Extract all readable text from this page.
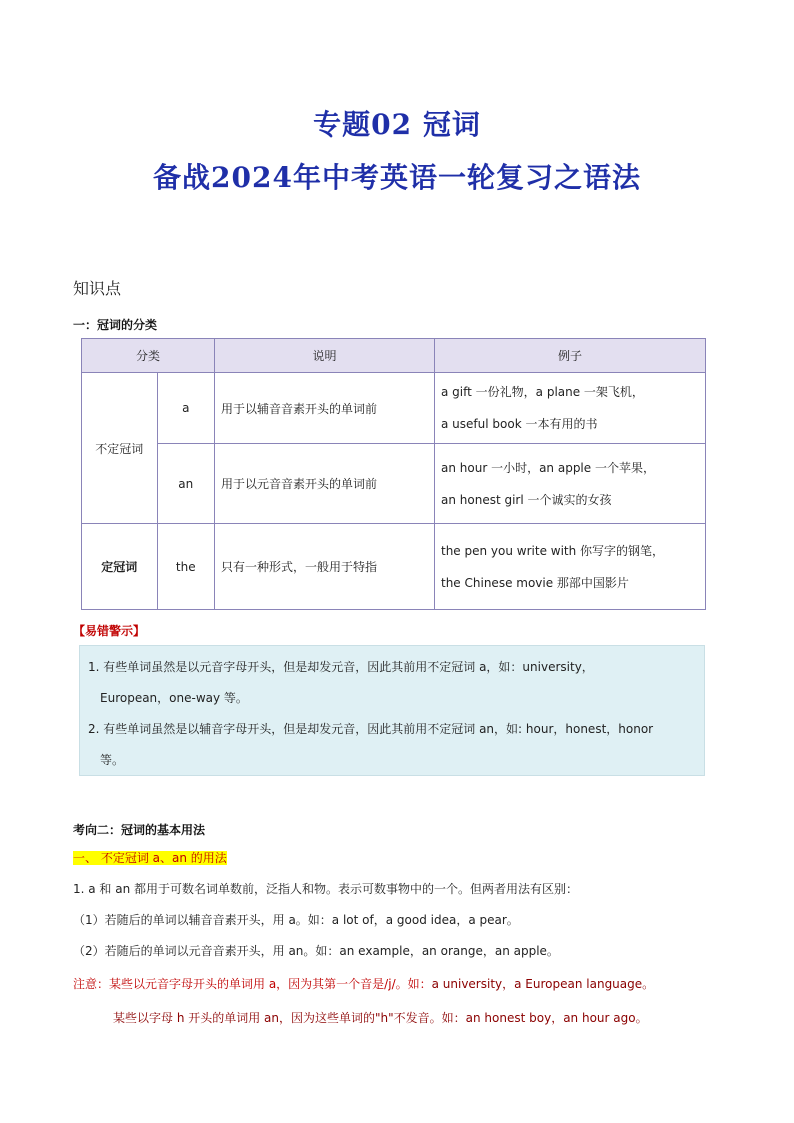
专题02 冠词
备战2024年中考英语一轮复习之语法
知识点
一：冠词的分类
分类		说明	例子
不定冠词	a	用于以辅音音素开头的单词前	a gift 一份礼物，a plane 一架飞机，
a useful book 一本有用的书

	an	用于以元音音素开头的单词前	an hour 一小时，an apple 一个苹果，
an honest girl 一个诚实的女孩

定冠词	the	只有一种形式，一般用于特指	the pen you write with 你写字的钢笔，
the Chinese movie 那部中国影片
【易错警示】

1. 有些单词虽然是以元音字母开头，但是却发元音，因此其前用不定冠词 a，如：university，

European，one-way 等。

2. 有些单词虽然是以辅音字母开头，但是却发元音，因此其前用不定冠词 an，如: hour，honest，honor

等。

考向二：冠词的基本用法
一、 不定冠词 a、an 的用法
1. a 和 an 都用于可数名词单数前，泛指人和物。表示可数事物中的一个。但两者用法有区别：
（1）若随后的单词以辅音音素开头，用 a。如：a lot of，a good idea，a pear。
（2）若随后的单词以元音音素开头，用 an。如：an example，an orange，an apple。
注意：某些以元音字母开头的单词用 a，因为其第一个音是/j/。如：a university，a European language。
某些以字母 h 开头的单词用 an，因为这些单词的"h"不发音。如：an honest boy，an hour ago。
